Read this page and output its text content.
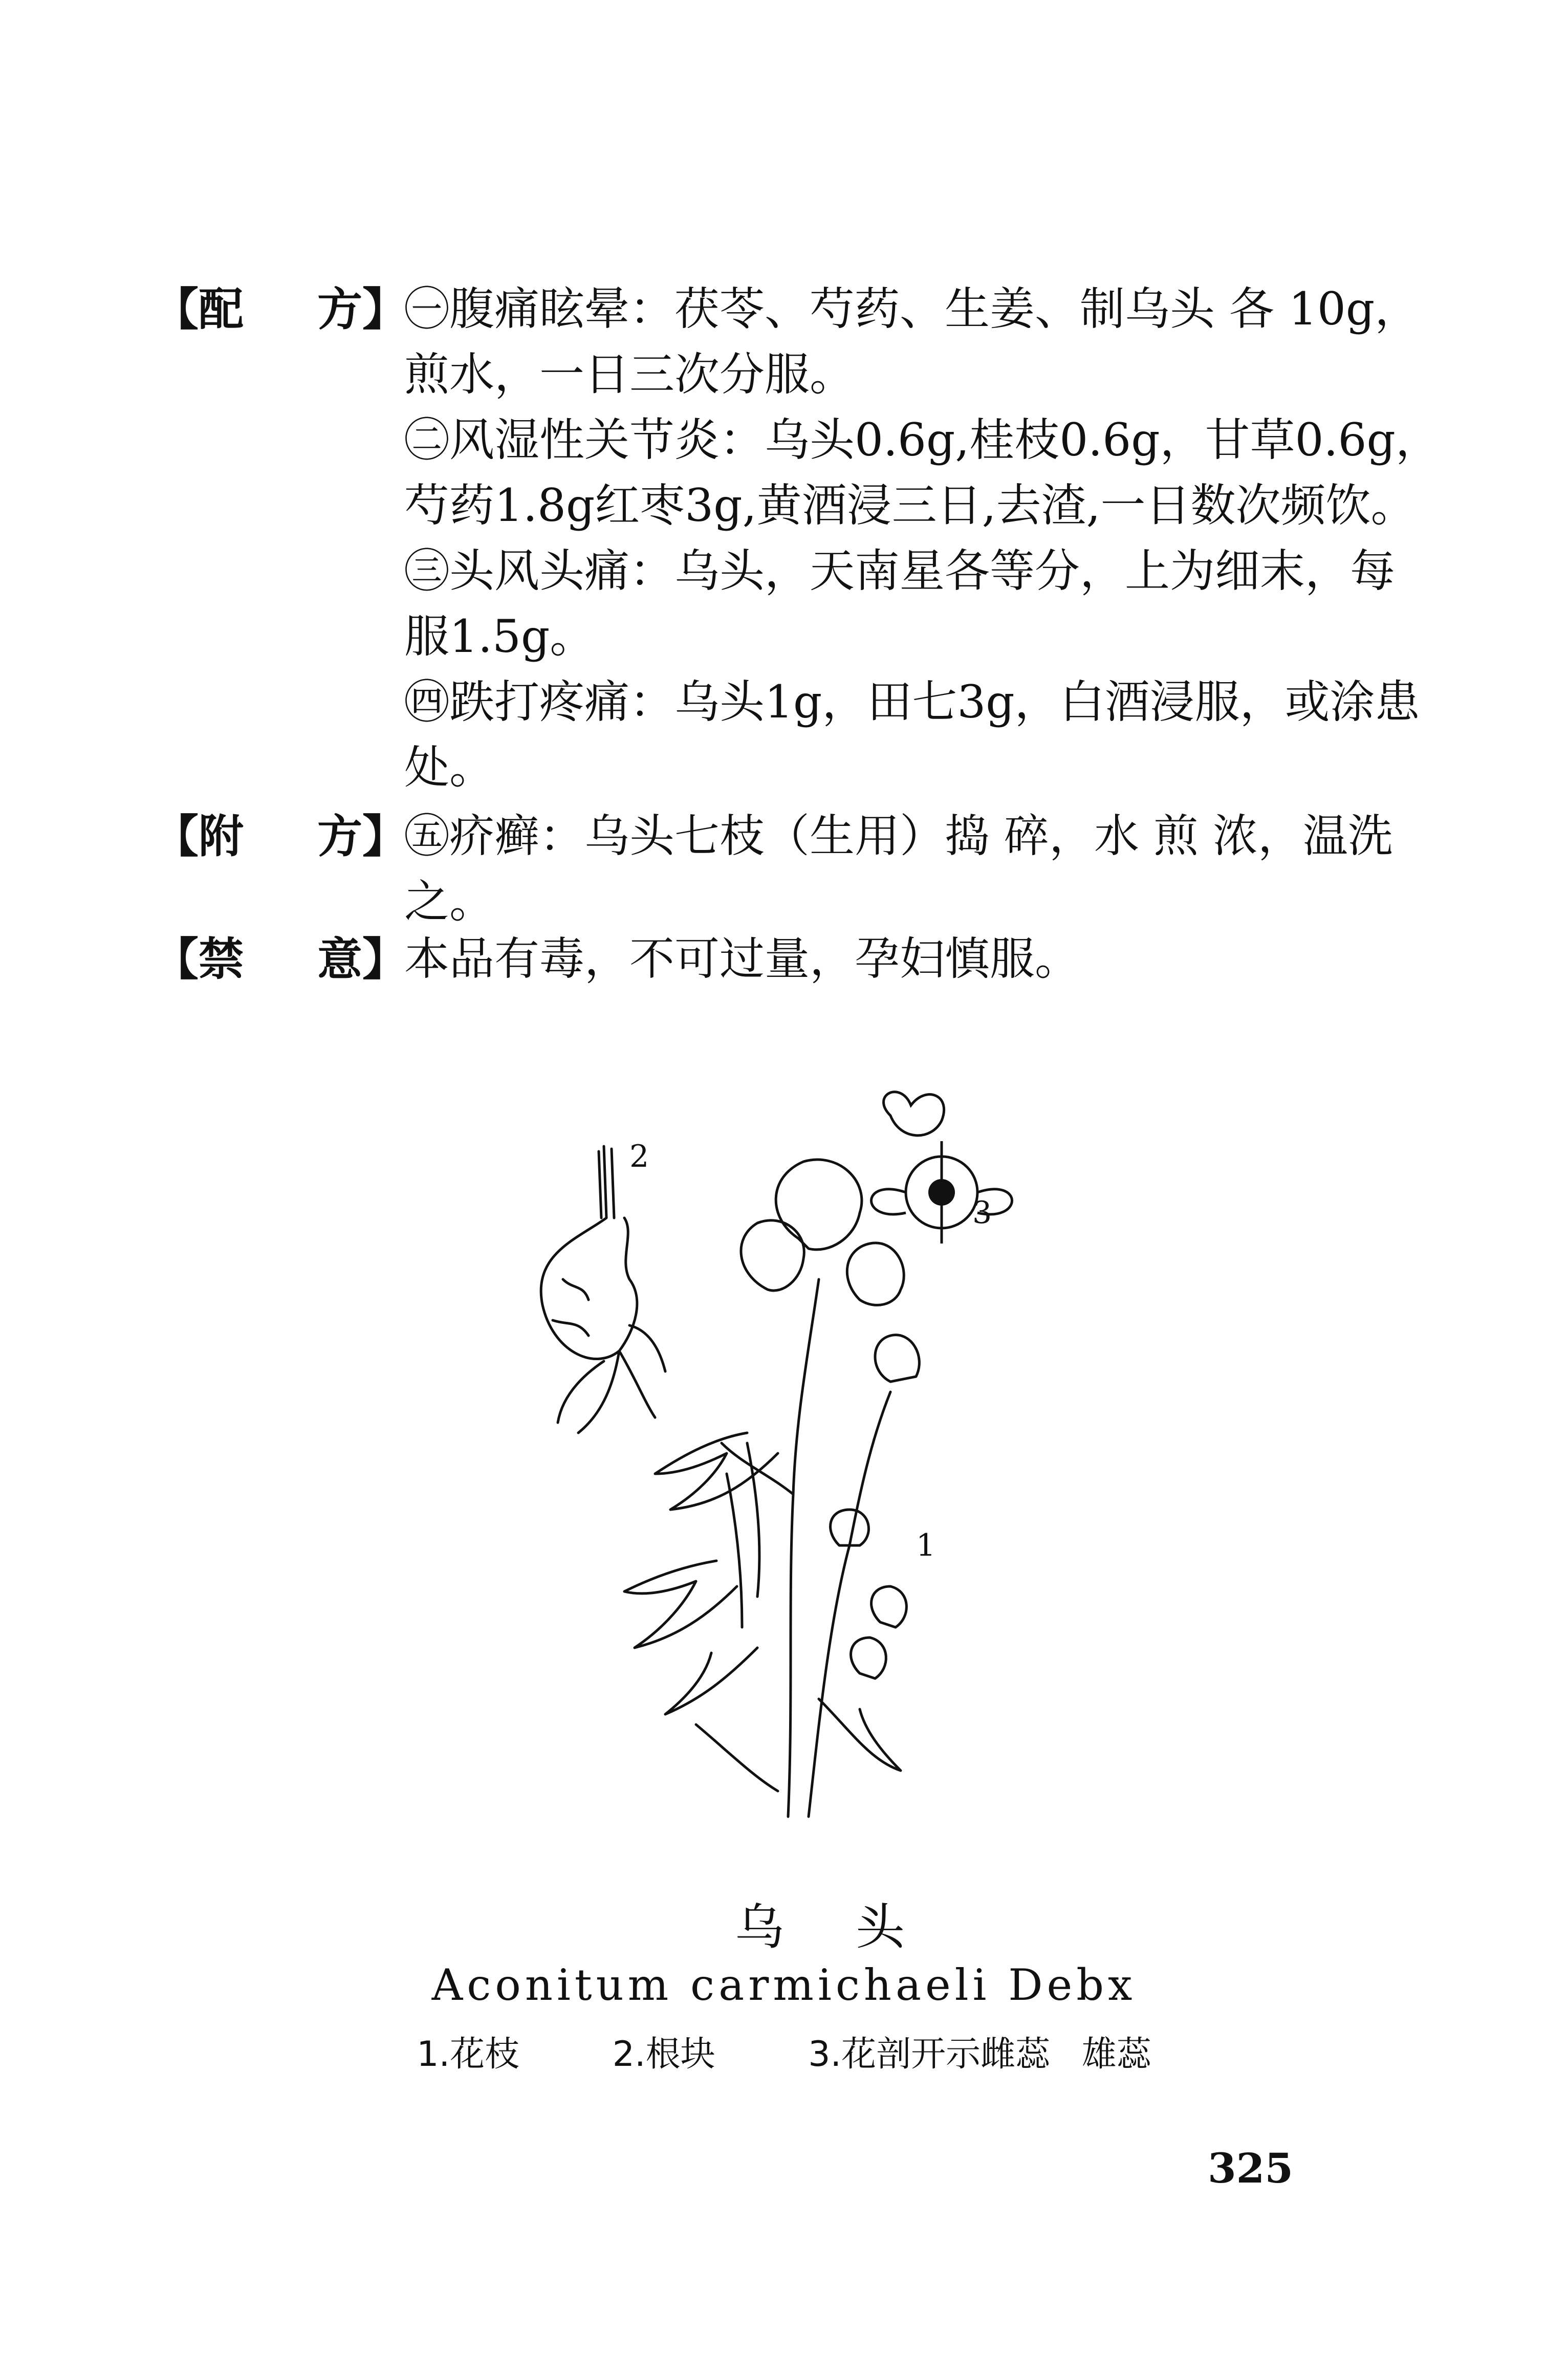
【配 方】
㊀腹痛眩晕：茯苓、芍药、生姜、制乌头 各 10g，
煎水，一日三次分服。
㊁风湿性关节炎：乌头0.6g,桂枝0.6g，甘草0.6g，
芍药1.8g红枣3g,黄酒浸三日,去渣,一日数次频饮。
㊂头风头痛：乌头，天南星各等分，上为细末，每
服1.5g。
㊃跌打疼痛：乌头1g，田七3g，白酒浸服，或涂患
处。
【附 方】
㊄疥癣：乌头七枝（生用）捣 碎，水 煎 浓，温洗
之。
【禁 意】
本品有毒，不可过量，孕妇慎服。
2
3
1
乌头
Aconitum carmichaeli Debx
1.花枝	2.根块	3.花剖开示雌蕊 雄蕊
325
